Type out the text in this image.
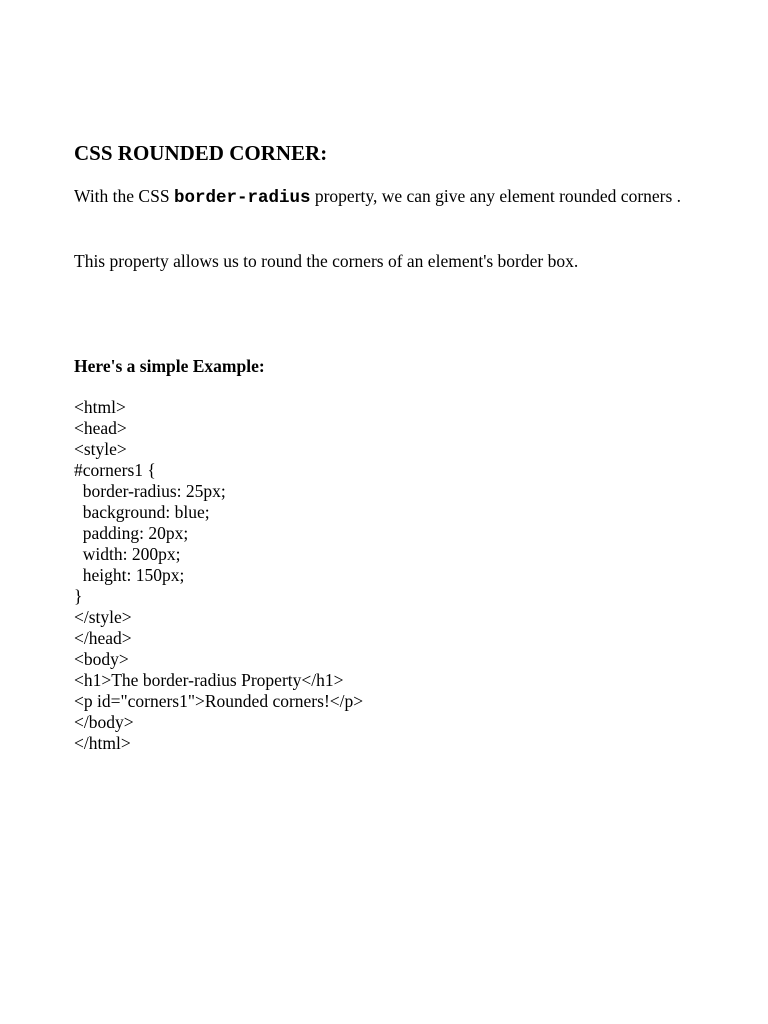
CSS ROUNDED CORNER:

With the CSS border-radius property, we can give any element rounded corners .

This property allows us to round the corners of an element's border box.

Here's a simple Example:

<html>
<head>
<style>
#corners1 {
border-radius: 25px;
background: blue;
padding: 20px;
width: 200px;
height: 150px;
}
</style>
</head>
<body>
<h1>The border-radius Property</h1>
<p id="corners1">Rounded corners!</p>
</body>
</html>
